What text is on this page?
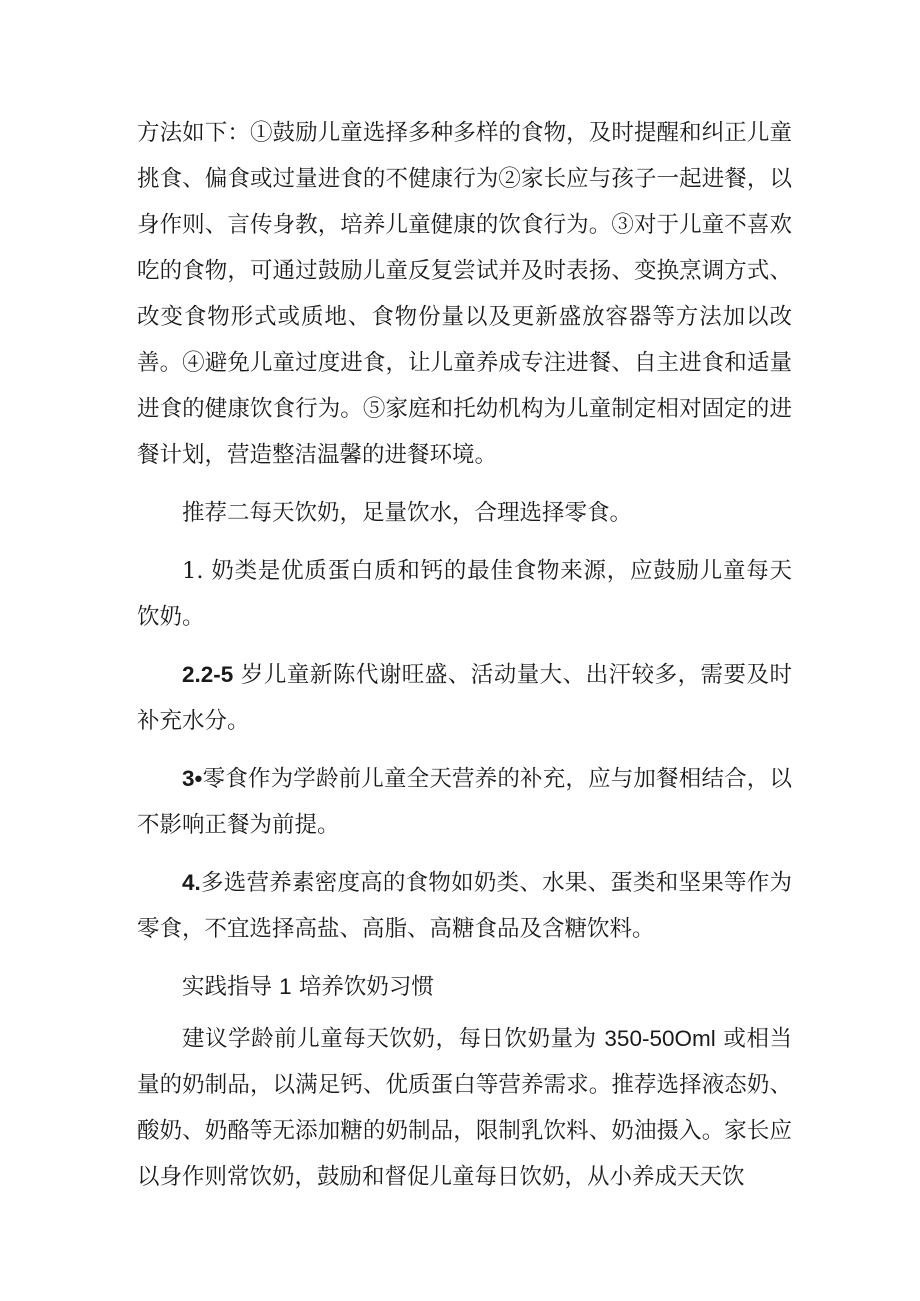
方法如下：①鼓励儿童选择多种多样的食物，及时提醒和纠正儿童挑食、偏食或过量进食的不健康行为②家长应与孩子一起进餐，以身作则、言传身教，培养儿童健康的饮食行为。③对于儿童不喜欢吃的食物，可通过鼓励儿童反复尝试并及时表扬、变换烹调方式、改变食物形式或质地、食物份量以及更新盛放容器等方法加以改善。④避免儿童过度进食，让儿童养成专注进餐、自主进食和适量进食的健康饮食行为。⑤家庭和托幼机构为儿童制定相对固定的进餐计划，营造整洁温馨的进餐环境。

推荐二每天饮奶，足量饮水，合理选择零食。

1. 奶类是优质蛋白质和钙的最佳食物来源，应鼓励儿童每天饮奶。

2.2-5 岁儿童新陈代谢旺盛、活动量大、出汗较多，需要及时补充水分。

3•零食作为学龄前儿童全天营养的补充，应与加餐相结合，以不影响正餐为前提。

4.多选营养素密度高的食物如奶类、水果、蛋类和坚果等作为零食，不宜选择高盐、高脂、高糖食品及含糖饮料。

实践指导 1 培养饮奶习惯

建议学龄前儿童每天饮奶，每日饮奶量为 350-50Oml 或相当量的奶制品，以满足钙、优质蛋白等营养需求。推荐选择液态奶、酸奶、奶酪等无添加糖的奶制品，限制乳饮料、奶油摄入。家长应以身作则常饮奶，鼓励和督促儿童每日饮奶，从小养成天天饮
